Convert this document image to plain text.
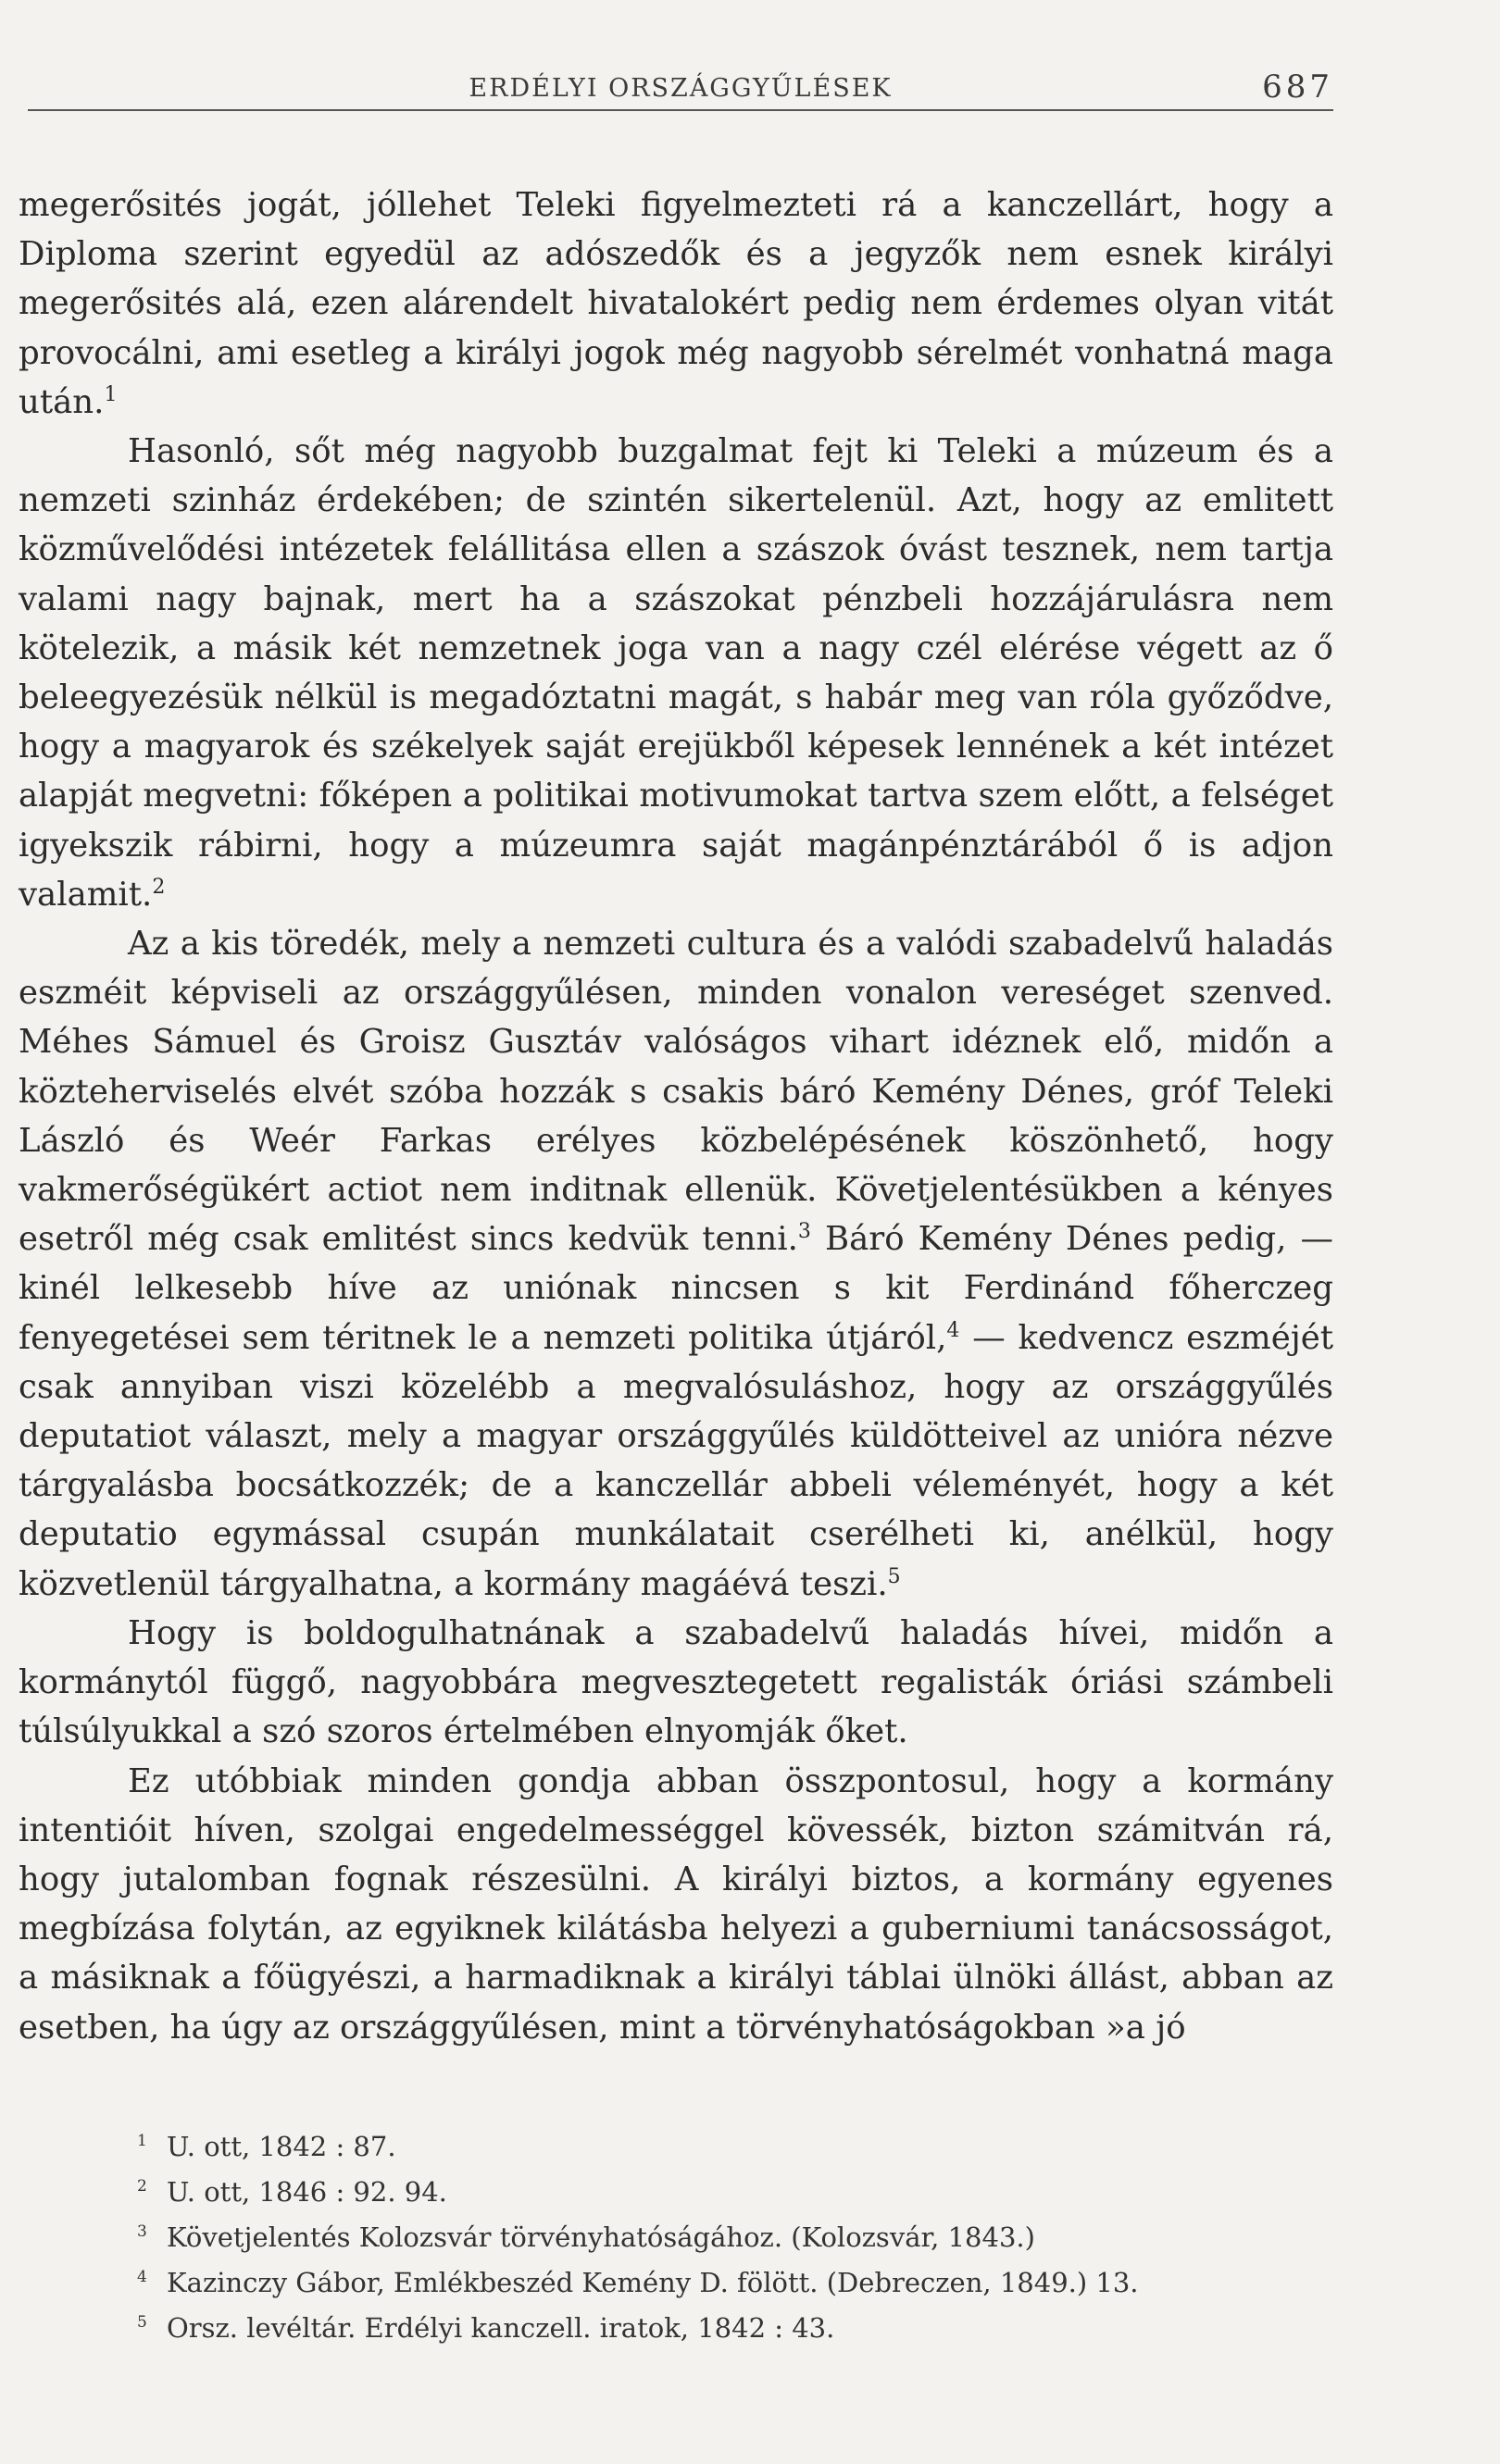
ERDÉLYI ORSZÁGGYŰLÉSEK	687

megerősités jogát, jóllehet Teleki figyelmezteti rá a kanczellárt, hogy a Diploma szerint egyedül az adószedők és a jegyzők nem esnek királyi megerősités alá, ezen alárendelt hivatalokért pedig nem érdemes olyan vitát provocálni, ami esetleg a királyi jogok még nagyobb sérelmét vonhatná maga után.$^1$

Hasonló, sőt még nagyobb buzgalmat fejt ki Teleki a múzeum és a nemzeti szinház érdekében; de szintén sikertelenül. Azt, hogy az emlitett közművelődési intézetek felállitása ellen a szászok óvást tesznek, nem tartja valami nagy bajnak, mert ha a szászokat pénzbeli hozzájárulásra nem kötelezik, a másik két nemzetnek joga van a nagy czél elérése végett az ő beleegyezésük nélkül is megadóztatni magát, s habár meg van róla győződve, hogy a magyarok és székelyek saját erejükből képesek lennének a két intézet alapját megvetni: főképen a politikai motivumokat tartva szem előtt, a felséget igyekszik rábirni, hogy a múzeumra saját magánpénztárából ő is adjon valamit.$^2$

Az a kis töredék, mely a nemzeti cultura és a valódi szabadelvű haladás eszméit képviseli az országgyűlésen, minden vonalon vereséget szenved. Méhes Sámuel és Groisz Gusztáv valóságos vihart idéznek elő, midőn a közteherviselés elvét szóba hozzák s csakis báró Kemény Dénes, gróf Teleki László és Weér Farkas erélyes közbelépésének köszönhető, hogy vakmerőségükért actiot nem inditnak ellenük. Követjelentésükben a kényes esetről még csak emlitést sincs kedvük tenni.$^3$ Báró Kemény Dénes pedig, — kinél lelkesebb híve az uniónak nincsen s kit Ferdinánd főherczeg fenyegetései sem téritnek le a nemzeti politika útjáról,$^4$ — kedvencz eszméjét csak annyiban viszi közelébb a megvalósuláshoz, hogy az országgyűlés deputatiot választ, mely a magyar országgyűlés küldötteivel az unióra nézve tárgyalásba bocsátkozzék; de a kanczellár abbeli véleményét, hogy a két deputatio egymással csupán munkálatait cserélheti ki, anélkül, hogy közvetlenül tárgyalhatna, a kormány magáévá teszi.$^5$

Hogy is boldogulhatnának a szabadelvű haladás hívei, midőn a kormánytól függő, nagyobbára megvesztegetett regalisták óriási számbeli túlsúlyukkal a szó szoros értelmében elnyomják őket.

Ez utóbbiak minden gondja abban összpontosul, hogy a kormány intentióit híven, szolgai engedelmességgel kövessék, bizton számitván rá, hogy jutalomban fognak részesülni. A királyi biztos, a kormány egyenes megbízása folytán, az egyiknek kilátásba helyezi a guberniumi tanácsosságot, a másiknak a főügyészi, a harmadiknak a királyi táblai ülnöki állást, abban az esetben, ha úgy az országgyűlésen, mint a törvényhatóságokban »a jó

1 U. ott, 1842 : 87.
2 U. ott, 1846 : 92. 94.
3 Követjelentés Kolozsvár törvényhatóságához. (Kolozsvár, 1843.)
4 Kazinczy Gábor, Emlékbeszéd Kemény D. fölött. (Debreczen, 1849.) 13.
5 Orsz. levéltár. Erdélyi kanczell. iratok, 1842 : 43.
